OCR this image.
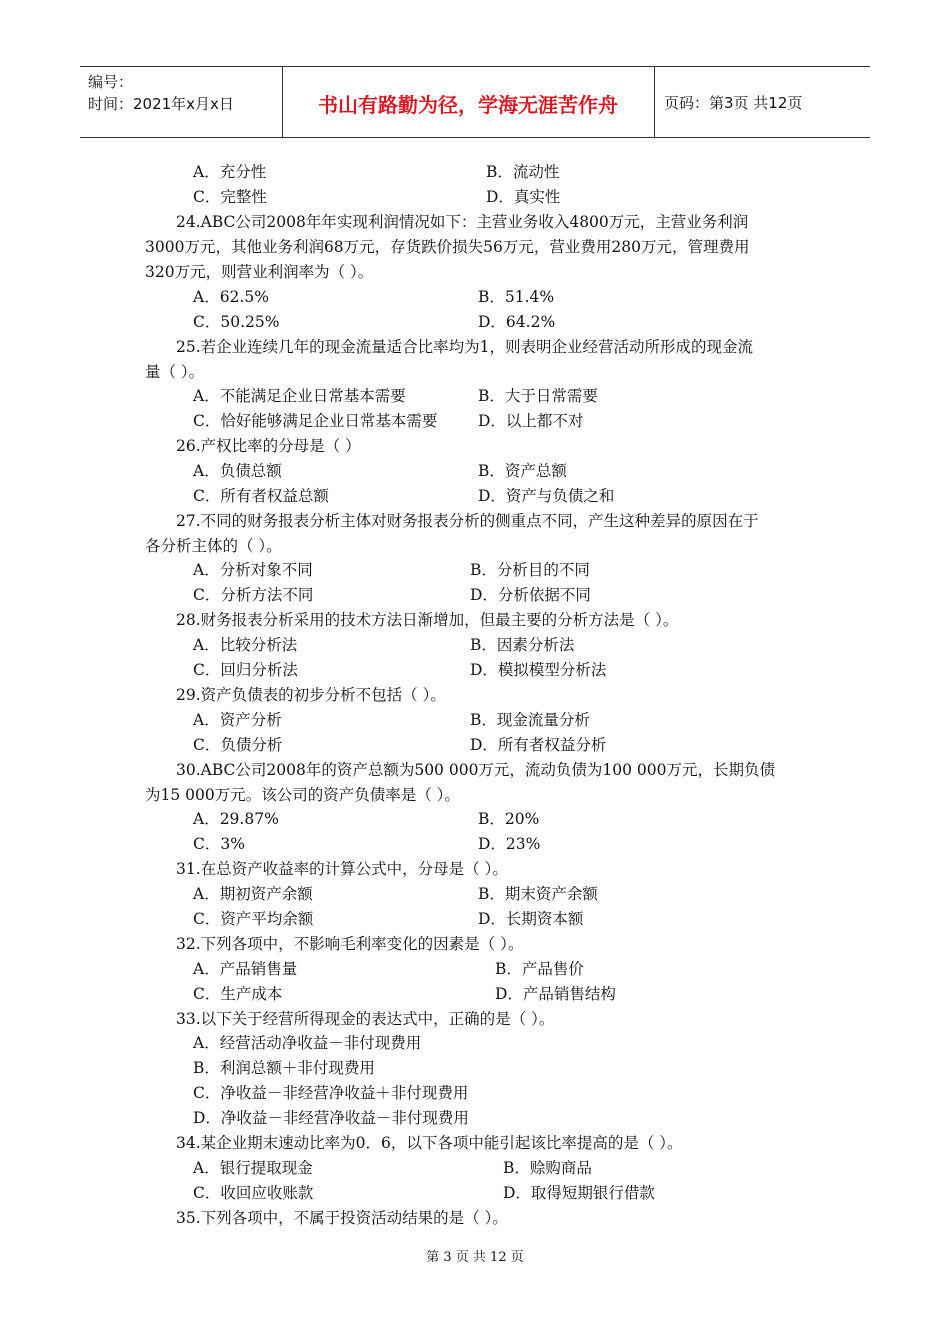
编号：
时间：2021年x月x日	书山有路勤为径，学海无涯苦作舟	页码：第3页 共12页
A．充分性	B．流动性
C．完整性	D．真实性
24.ABC公司2008年年实现利润情况如下：主营业务收入4800万元，主营业务利润
3000万元，其他业务利润68万元，存货跌价损失56万元，营业费用280万元，管理费用
320万元，则营业利润率为（ ）。
A．62.5%	B．51.4%
C．50.25%	D．64.2%
25.若企业连续几年的现金流量适合比率均为1，则表明企业经营活动所形成的现金流
量（ ）。
A．不能满足企业日常基本需要	B．大于日常需要
C．恰好能够满足企业日常基本需要	D．以上都不对
26.产权比率的分母是（ ）
A．负债总额	B．资产总额
C．所有者权益总额	D．资产与负债之和
27.不同的财务报表分析主体对财务报表分析的侧重点不同，产生这种差异的原因在于
各分析主体的（ ）。
A．分析对象不同	B．分析目的不同
C．分析方法不同	D．分析依据不同
28.财务报表分析采用的技术方法日渐增加，但最主要的分析方法是（ ）。
A．比较分析法	B．因素分析法
C．回归分析法	D．模拟模型分析法
29.资产负债表的初步分析不包括（ ）。
A．资产分析	B．现金流量分析
C．负债分析	D．所有者权益分析
30.ABC公司2008年的资产总额为500 000万元，流动负债为100 000万元，长期负债
为15 000万元。该公司的资产负债率是（ ）。
A．29.87%	B．20%
C．3%	D．23%
31.在总资产收益率的计算公式中，分母是（ ）。
A．期初资产余额	B．期末资产余额
C．资产平均余额	D．长期资本额
32.下列各项中，不影响毛利率变化的因素是（ ）。
A．产品销售量	B．产品售价
C．生产成本	D．产品销售结构
33.以下关于经营所得现金的表达式中，正确的是（ ）。
A．经营活动净收益－非付现费用
B．利润总额＋非付现费用
C．净收益－非经营净收益＋非付现费用
D．净收益－非经营净收益－非付现费用
34.某企业期末速动比率为0．6，以下各项中能引起该比率提高的是（ ）。
A．银行提取现金	B．赊购商品
C．收回应收账款	D．取得短期银行借款
35.下列各项中，不属于投资活动结果的是（ ）。
第 3 页 共 12 页
